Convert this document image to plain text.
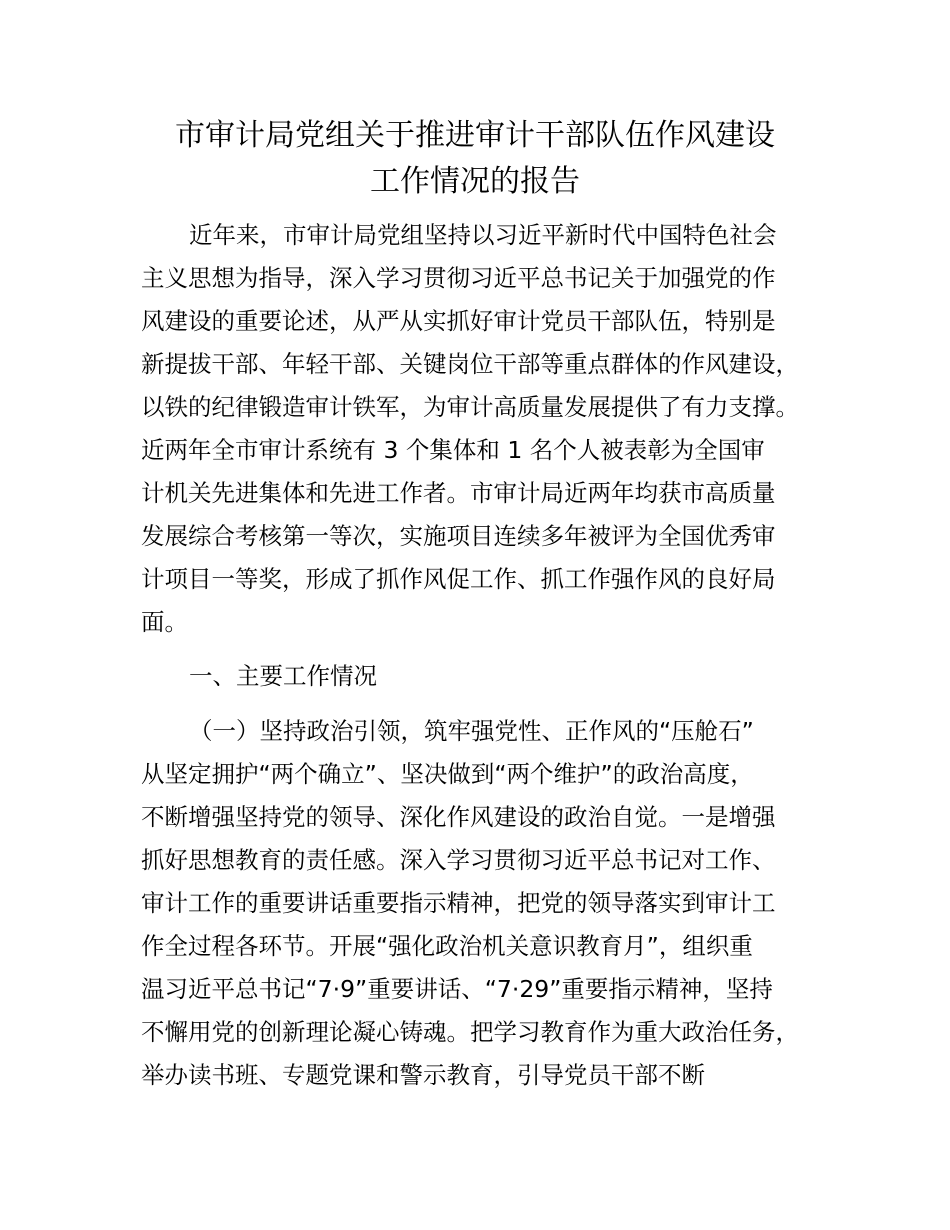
市审计局党组关于推进审计干部队伍作风建设
工作情况的报告
近年来，市审计局党组坚持以习近平新时代中国特色社会
主义思想为指导，深入学习贯彻习近平总书记关于加强党的作
风建设的重要论述，从严从实抓好审计党员干部队伍，特别是
新提拔干部、年轻干部、关键岗位干部等重点群体的作风建设，
以铁的纪律锻造审计铁军，为审计高质量发展提供了有力支撑。
近两年全市审计系统有 3 个集体和 1 名个人被表彰为全国审
计机关先进集体和先进工作者。市审计局近两年均获市高质量
发展综合考核第一等次，实施项目连续多年被评为全国优秀审
计项目一等奖，形成了抓作风促工作、抓工作强作风的良好局
面。
一、主要工作情况
（一）坚持政治引领，筑牢强党性、正作风的“压舱石”
从坚定拥护“两个确立”、坚决做到“两个维护”的政治高度，
不断增强坚持党的领导、深化作风建设的政治自觉。一是增强
抓好思想教育的责任感。深入学习贯彻习近平总书记对工作、
审计工作的重要讲话重要指示精神，把党的领导落实到审计工
作全过程各环节。开展“强化政治机关意识教育月”，组织重
温习近平总书记“7·9”重要讲话、“7·29”重要指示精神，坚持
不懈用党的创新理论凝心铸魂。把学习教育作为重大政治任务，
举办读书班、专题党课和警示教育，引导党员干部不断
